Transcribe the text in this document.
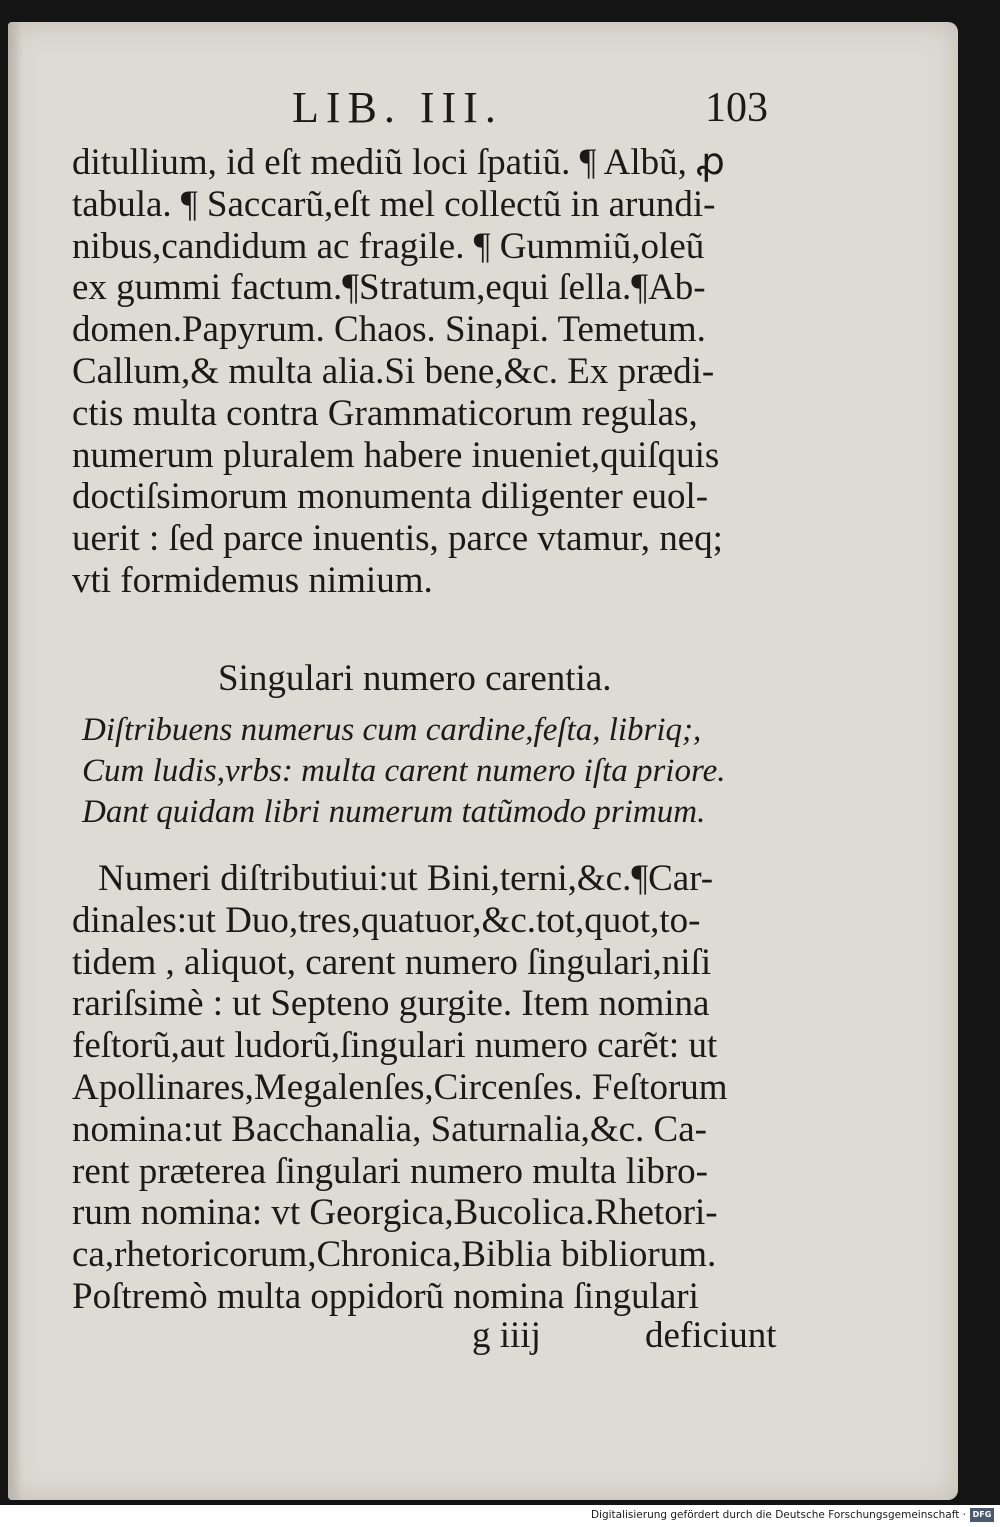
LIB. III.	103
ditullium, id eſt mediũ loci ſpatiũ. ¶ Albũ, ꝓ
tabula. ¶ Saccarũ,eſt mel collectũ in arundi-
nibus,candidum ac fragile. ¶ Gummiũ,oleũ
ex gummi factum.¶Stratum,equi ſella.¶Ab-
domen.Papyrum. Chaos. Sinapi. Temetum.
Callum,& multa alia.Si bene,&c. Ex prædi-
ctis multa contra Grammaticorum regulas,
numerum pluralem habere inueniet,quiſquis
doctiſsimorum monumenta diligenter euol-
uerit : ſed parce inuentis, parce vtamur, neq;
vti formidemus nimium.
Singulari numero carentia.
Diſtribuens numerus cum cardine,feſta, libriq;,
Cum ludis,vrbs: multa carent numero iſta priore.
Dant quidam libri numerum tatũmodo primum.
Numeri diſtributiui:ut Bini,terni,&c.¶Car-
dinales:ut Duo,tres,quatuor,&c.tot,quot,to-
tidem , aliquot, carent numero ſingulari,niſi
rariſsimè : ut Septeno gurgite. Item nomina
feſtorũ,aut ludorũ,ſingulari numero carẽt: ut
Apollinares,Megalenſes,Circenſes. Feſtorum
nomina:ut Bacchanalia, Saturnalia,&c. Ca-
rent præterea ſingulari numero multa libro-
rum nomina: vt Georgica,Bucolica.Rhetori-
ca,rhetoricorum,Chronica,Biblia bibliorum.
Poſtremò multa oppidorũ nomina ſingulari
g iiij	deficiunt
Digitalisierung gefördert durch die Deutsche Forschungsgemeinschaft · DFG
